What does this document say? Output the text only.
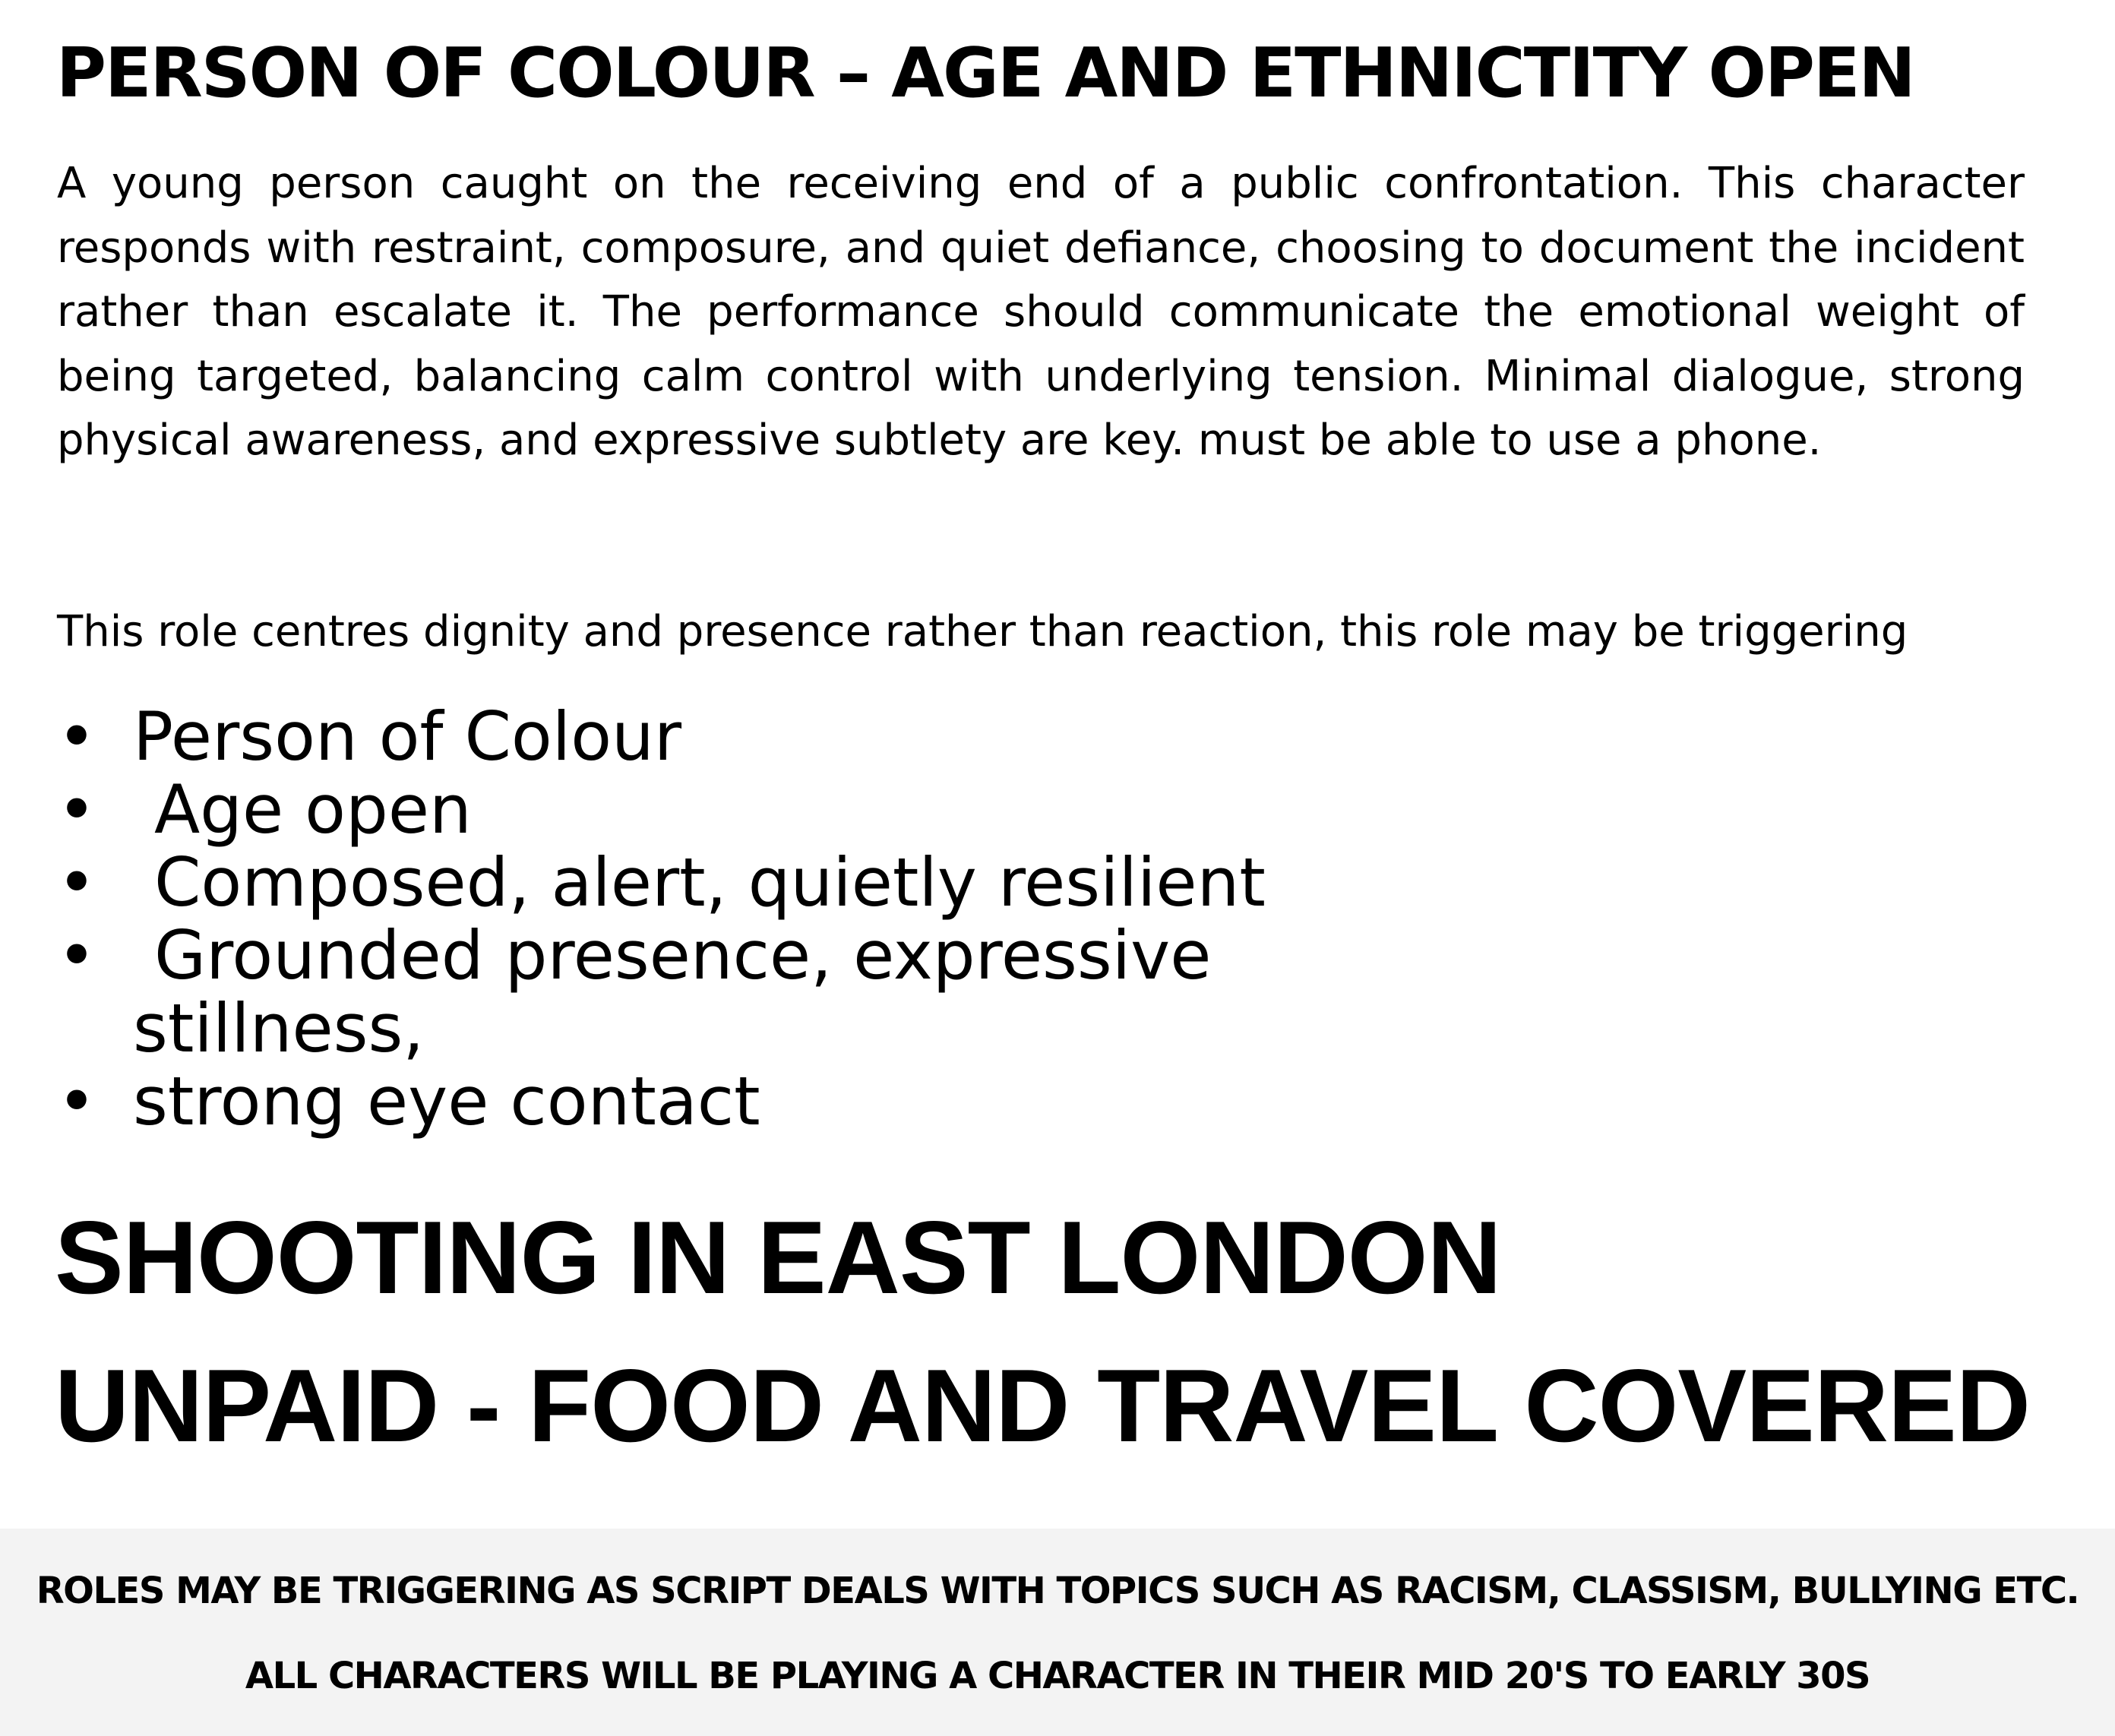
PERSON OF COLOUR – AGE AND ETHNICTITY OPEN

A young person caught on the receiving end of a public confrontation. This character responds with restraint, composure, and quiet defiance, choosing to document the incident rather than escalate it. The performance should communicate the emotional weight of being targeted, balancing calm control with underlying tension. Minimal dialogue, strong physical awareness, and expressive subtlety are key. must be able to use a phone.

This role centres dignity and presence rather than reaction, this role may be triggering

• Person of Colour
• Age open
• Composed, alert, quietly resilient
• Grounded presence, expressive stillness,
• strong eye contact
SHOOTING IN EAST LONDON
UNPAID - FOOD AND TRAVEL COVERED

ROLES MAY BE TRIGGERING AS SCRIPT DEALS WITH TOPICS SUCH AS RACISM, CLASSISM, BULLYING ETC.

ALL CHARACTERS WILL BE PLAYING A CHARACTER IN THEIR MID 20'S TO EARLY 30S
